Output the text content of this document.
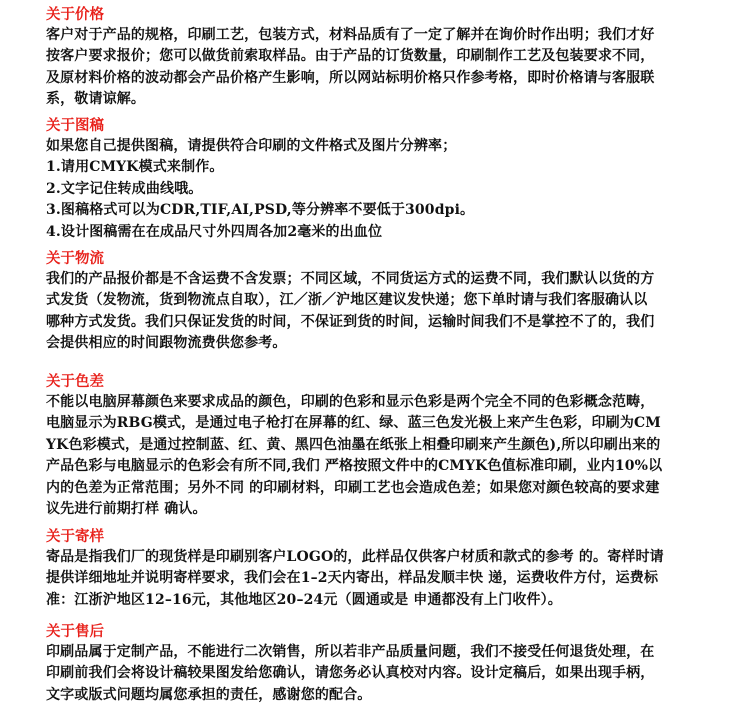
关于价格
客户对于产品的规格，印刷工艺，包装方式，材料品质有了一定了解并在询价时作出明；我们才好
按客户要求报价；您可以做货前索取样品。由于产品的订货数量，印刷制作工艺及包装要求不同，
及原材料价格的波动都会产品价格产生影响，所以网站标明价格只作参考格，即时价格请与客服联
系，敬请谅解。
关于图稿
如果您自己提供图稿，请提供符合印刷的文件格式及图片分辨率；
1.请用CMYK模式来制作。
2.文字记住转成曲线哦。
3.图稿格式可以为CDR,TIF,AI,PSD,等分辨率不要低于300dpi。
4.设计图稿需在在成品尺寸外四周各加2毫米的出血位
关于物流
我们的产品报价都是不含运费不含发票；不同区域，不同货运方式的运费不同，我们默认以货的方
式发货（发物流，货到物流点自取），江／浙／沪地区建议发快递；您下单时请与我们客服确认以
哪种方式发货。我们只保证发货的时间，不保证到货的时间，运输时间我们不是掌控不了的，我们
会提供相应的时间跟物流费供您参考。
关于色差
不能以电脑屏幕颜色来要求成品的颜色，印刷的色彩和显示色彩是两个完全不同的色彩概念范畴，
电脑显示为RBG模式，是通过电子枪打在屏幕的红、绿、蓝三色发光极上来产生色彩，印刷为CM
YK色彩模式，是通过控制蓝、红、黄、黑四色油墨在纸张上相叠印刷来产生颜色),所以印刷出来的
产品色彩与电脑显示的色彩会有所不同,我们 严格按照文件中的CMYK色值标准印刷，业内10%以
内的色差为正常范围；另外不同 的印刷材料，印刷工艺也会造成色差；如果您对颜色较高的要求建
议先进行前期打样 确认。
关于寄样
寄品是指我们厂的现货样是印刷别客户LOGO的，此样品仅供客户材质和款式的参考 的。寄样时请
提供详细地址并说明寄样要求，我们会在1–2天内寄出，样品发顺丰快 递，运费收件方付，运费标
准：江浙沪地区12–16元，其他地区20–24元（圆通或是 申通都没有上门收件）。
关于售后
印刷品属于定制产品，不能进行二次销售，所以若非产品质量问题，我们不接受任何退货处理，在
印刷前我们会将设计稿较果图发给您确认，请您务必认真校对内容。设计定稿后，如果出现手柄，
文字或版式问题均属您承担的责任，感谢您的配合。
